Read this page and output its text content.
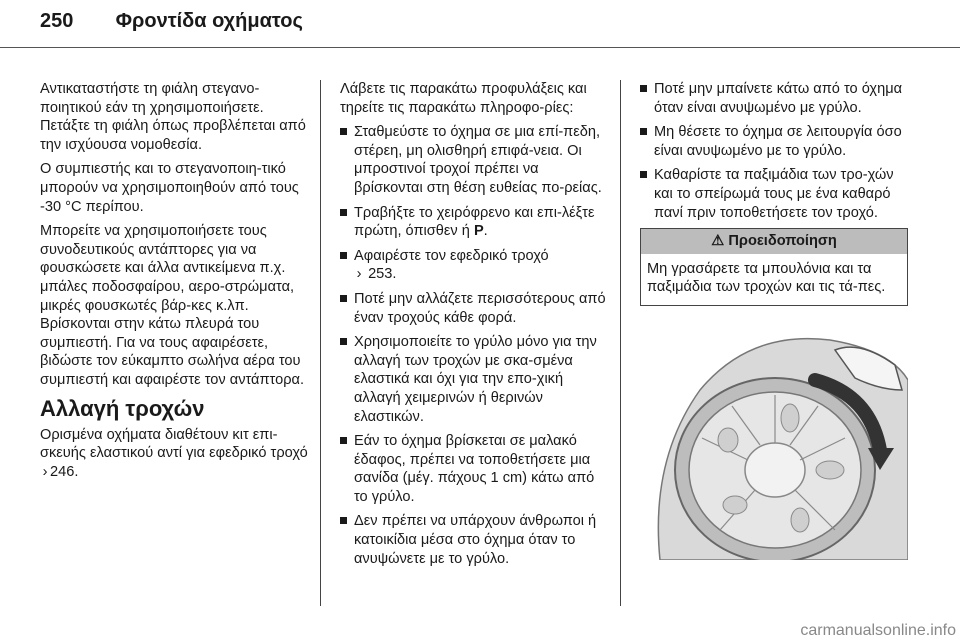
250 Φροντίδα οχήματος

Αντικαταστήστε τη φιάλη στεγανο-ποιητικού εάν τη χρησιμοποιήσετε. Πετάξτε τη φιάλη όπως προβλέπεται από την ισχύουσα νομοθεσία.

Ο συμπιεστής και το στεγανοποιη-τικό μπορούν να χρησιμοποιηθούν από τους -30 °C περίπου.

Μπορείτε να χρησιμοποιήσετε τους συνοδευτικούς αντάπτορες για να φουσκώσετε και άλλα αντικείμενα π.χ. μπάλες ποδοσφαίρου, αερο-στρώματα, μικρές φουσκωτές βάρ-κες κ.λπ. Βρίσκονται στην κάτω πλευρά του συμπιεστή. Για να τους αφαιρέσετε, βιδώστε τον εύκαμπτο σωλήνα αέρα του συμπιεστή και αφαιρέστε τον αντάπτορα.

Αλλαγή τροχών

Ορισμένα οχήματα διαθέτουν κιτ επι-σκευής ελαστικού αντί για εφεδρικό τροχό › 246.

Λάβετε τις παρακάτω προφυλάξεις και τηρείτε τις παρακάτω πληροφο-ρίες:

Σταθμεύστε το όχημα σε μια επί-πεδη, στέρεη, μη ολισθηρή επιφά-νεια. Οι μπροστινοί τροχοί πρέπει να βρίσκονται στη θέση ευθείας πο-ρείας.
Τραβήξτε το χειρόφρενο και επι-λέξτε πρώτη, όπισθεν ή P.
Αφαιρέστε τον εφεδρικό τροχό
› 253.
Ποτέ μην αλλάζετε περισσότερους από έναν τροχούς κάθε φορά.
Χρησιμοποιείτε το γρύλο μόνο για την αλλαγή των τροχών με σκα-σμένα ελαστικά και όχι για την επο-χική αλλαγή χειμερινών ή θερινών ελαστικών.
Εάν το όχημα βρίσκεται σε μαλακό έδαφος, πρέπει να τοποθετήσετε μια σανίδα (μέγ. πάχους 1 cm) κάτω από το γρύλο.
Δεν πρέπει να υπάρχουν άνθρωποι ή κατοικίδια μέσα στο όχημα όταν το ανυψώνετε με το γρύλο.
Ποτέ μην μπαίνετε κάτω από το όχημα όταν είναι ανυψωμένο με γρύλο.
Μη θέσετε το όχημα σε λειτουργία όσο είναι ανυψωμένο με το γρύλο.
Καθαρίστε τα παξιμάδια των τρο-χών και το σπείρωμά τους με ένα καθαρό πανί πριν τοποθετήσετε τον τροχό.
⚠ Προειδοποίηση
Μη γρασάρετε τα μπουλόνια και τα παξιμάδια των τροχών και τις τά-πες.
carmanualsonline.info
